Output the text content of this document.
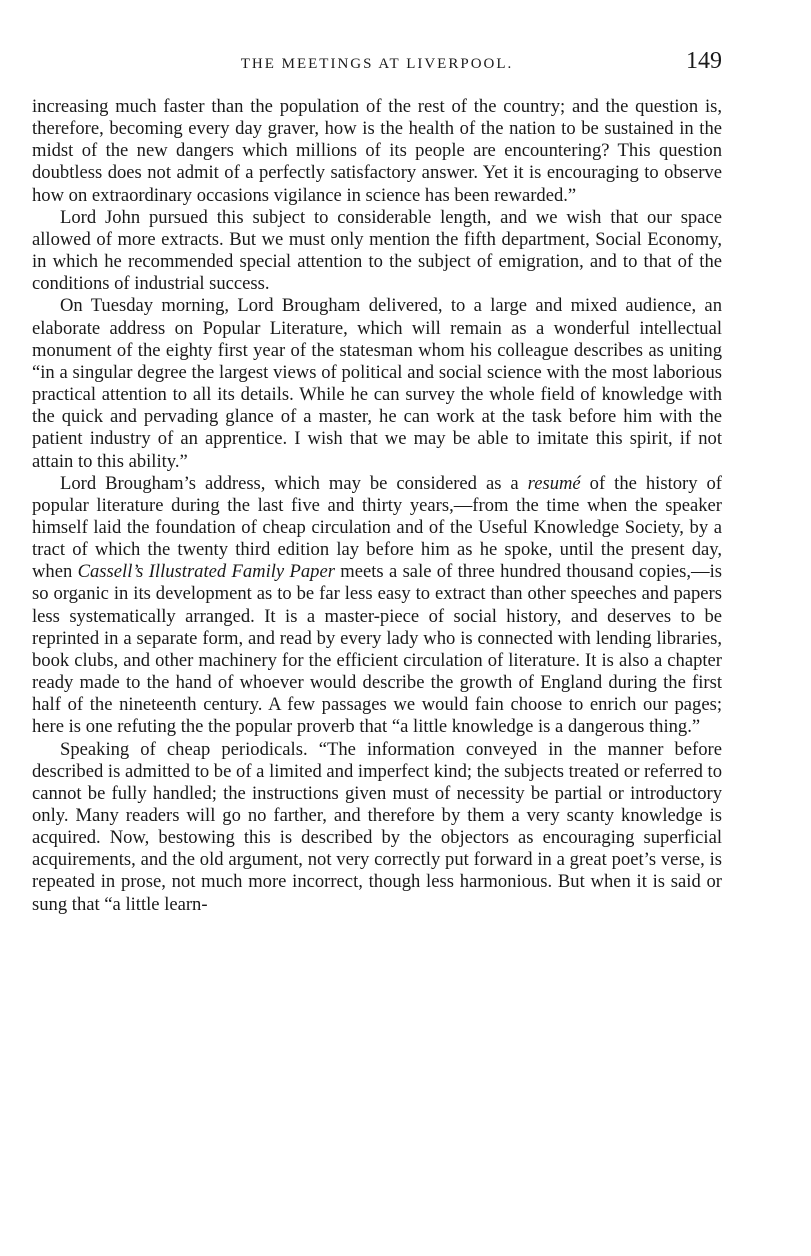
THE MEETINGS AT LIVERPOOL.	149

increasing much faster than the population of the rest of the country; and the question is, therefore, becoming every day graver, how is the health of the nation to be sustained in the midst of the new dangers which millions of its people are encountering? This question doubtless does not admit of a perfectly satisfactory answer. Yet it is encouraging to observe how on extraordinary occasions vigilance in science has been rewarded.”

Lord John pursued this subject to considerable length, and we wish that our space allowed of more extracts. But we must only mention the fifth department, Social Economy, in which he recommended special attention to the subject of emigration, and to that of the conditions of industrial success.

On Tuesday morning, Lord Brougham delivered, to a large and mixed audience, an elaborate address on Popular Literature, which will remain as a wonderful intellectual monument of the eighty first year of the statesman whom his colleague describes as uniting “in a singular degree the largest views of political and social science with the most laborious practical attention to all its details. While he can survey the whole field of knowledge with the quick and pervading glance of a master, he can work at the task before him with the patient industry of an apprentice. I wish that we may be able to imitate this spirit, if not attain to this ability.”

Lord Brougham’s address, which may be considered as a resumé of the history of popular literature during the last five and thirty years,—from the time when the speaker himself laid the foundation of cheap circulation and of the Useful Knowledge Society, by a tract of which the twenty third edition lay before him as he spoke, until the present day, when Cassell’s Illustrated Family Paper meets a sale of three hundred thousand copies,—is so organic in its development as to be far less easy to extract than other speeches and papers less systematically arranged. It is a master-piece of social history, and deserves to be reprinted in a separate form, and read by every lady who is connected with lending libraries, book clubs, and other machinery for the efficient circulation of literature. It is also a chapter ready made to the hand of whoever would describe the growth of England during the first half of the nineteenth century. A few passages we would fain choose to enrich our pages; here is one refuting the the popular proverb that “a little knowledge is a dangerous thing.”

Speaking of cheap periodicals. “The information conveyed in the manner before described is admitted to be of a limited and imperfect kind; the subjects treated or referred to cannot be fully handled; the instructions given must of necessity be partial or introductory only. Many readers will go no farther, and therefore by them a very scanty knowledge is acquired. Now, bestowing this is described by the objectors as encouraging superficial acquirements, and the old argument, not very correctly put forward in a great poet’s verse, is repeated in prose, not much more incorrect, though less harmonious. But when it is said or sung that “a little learn-
